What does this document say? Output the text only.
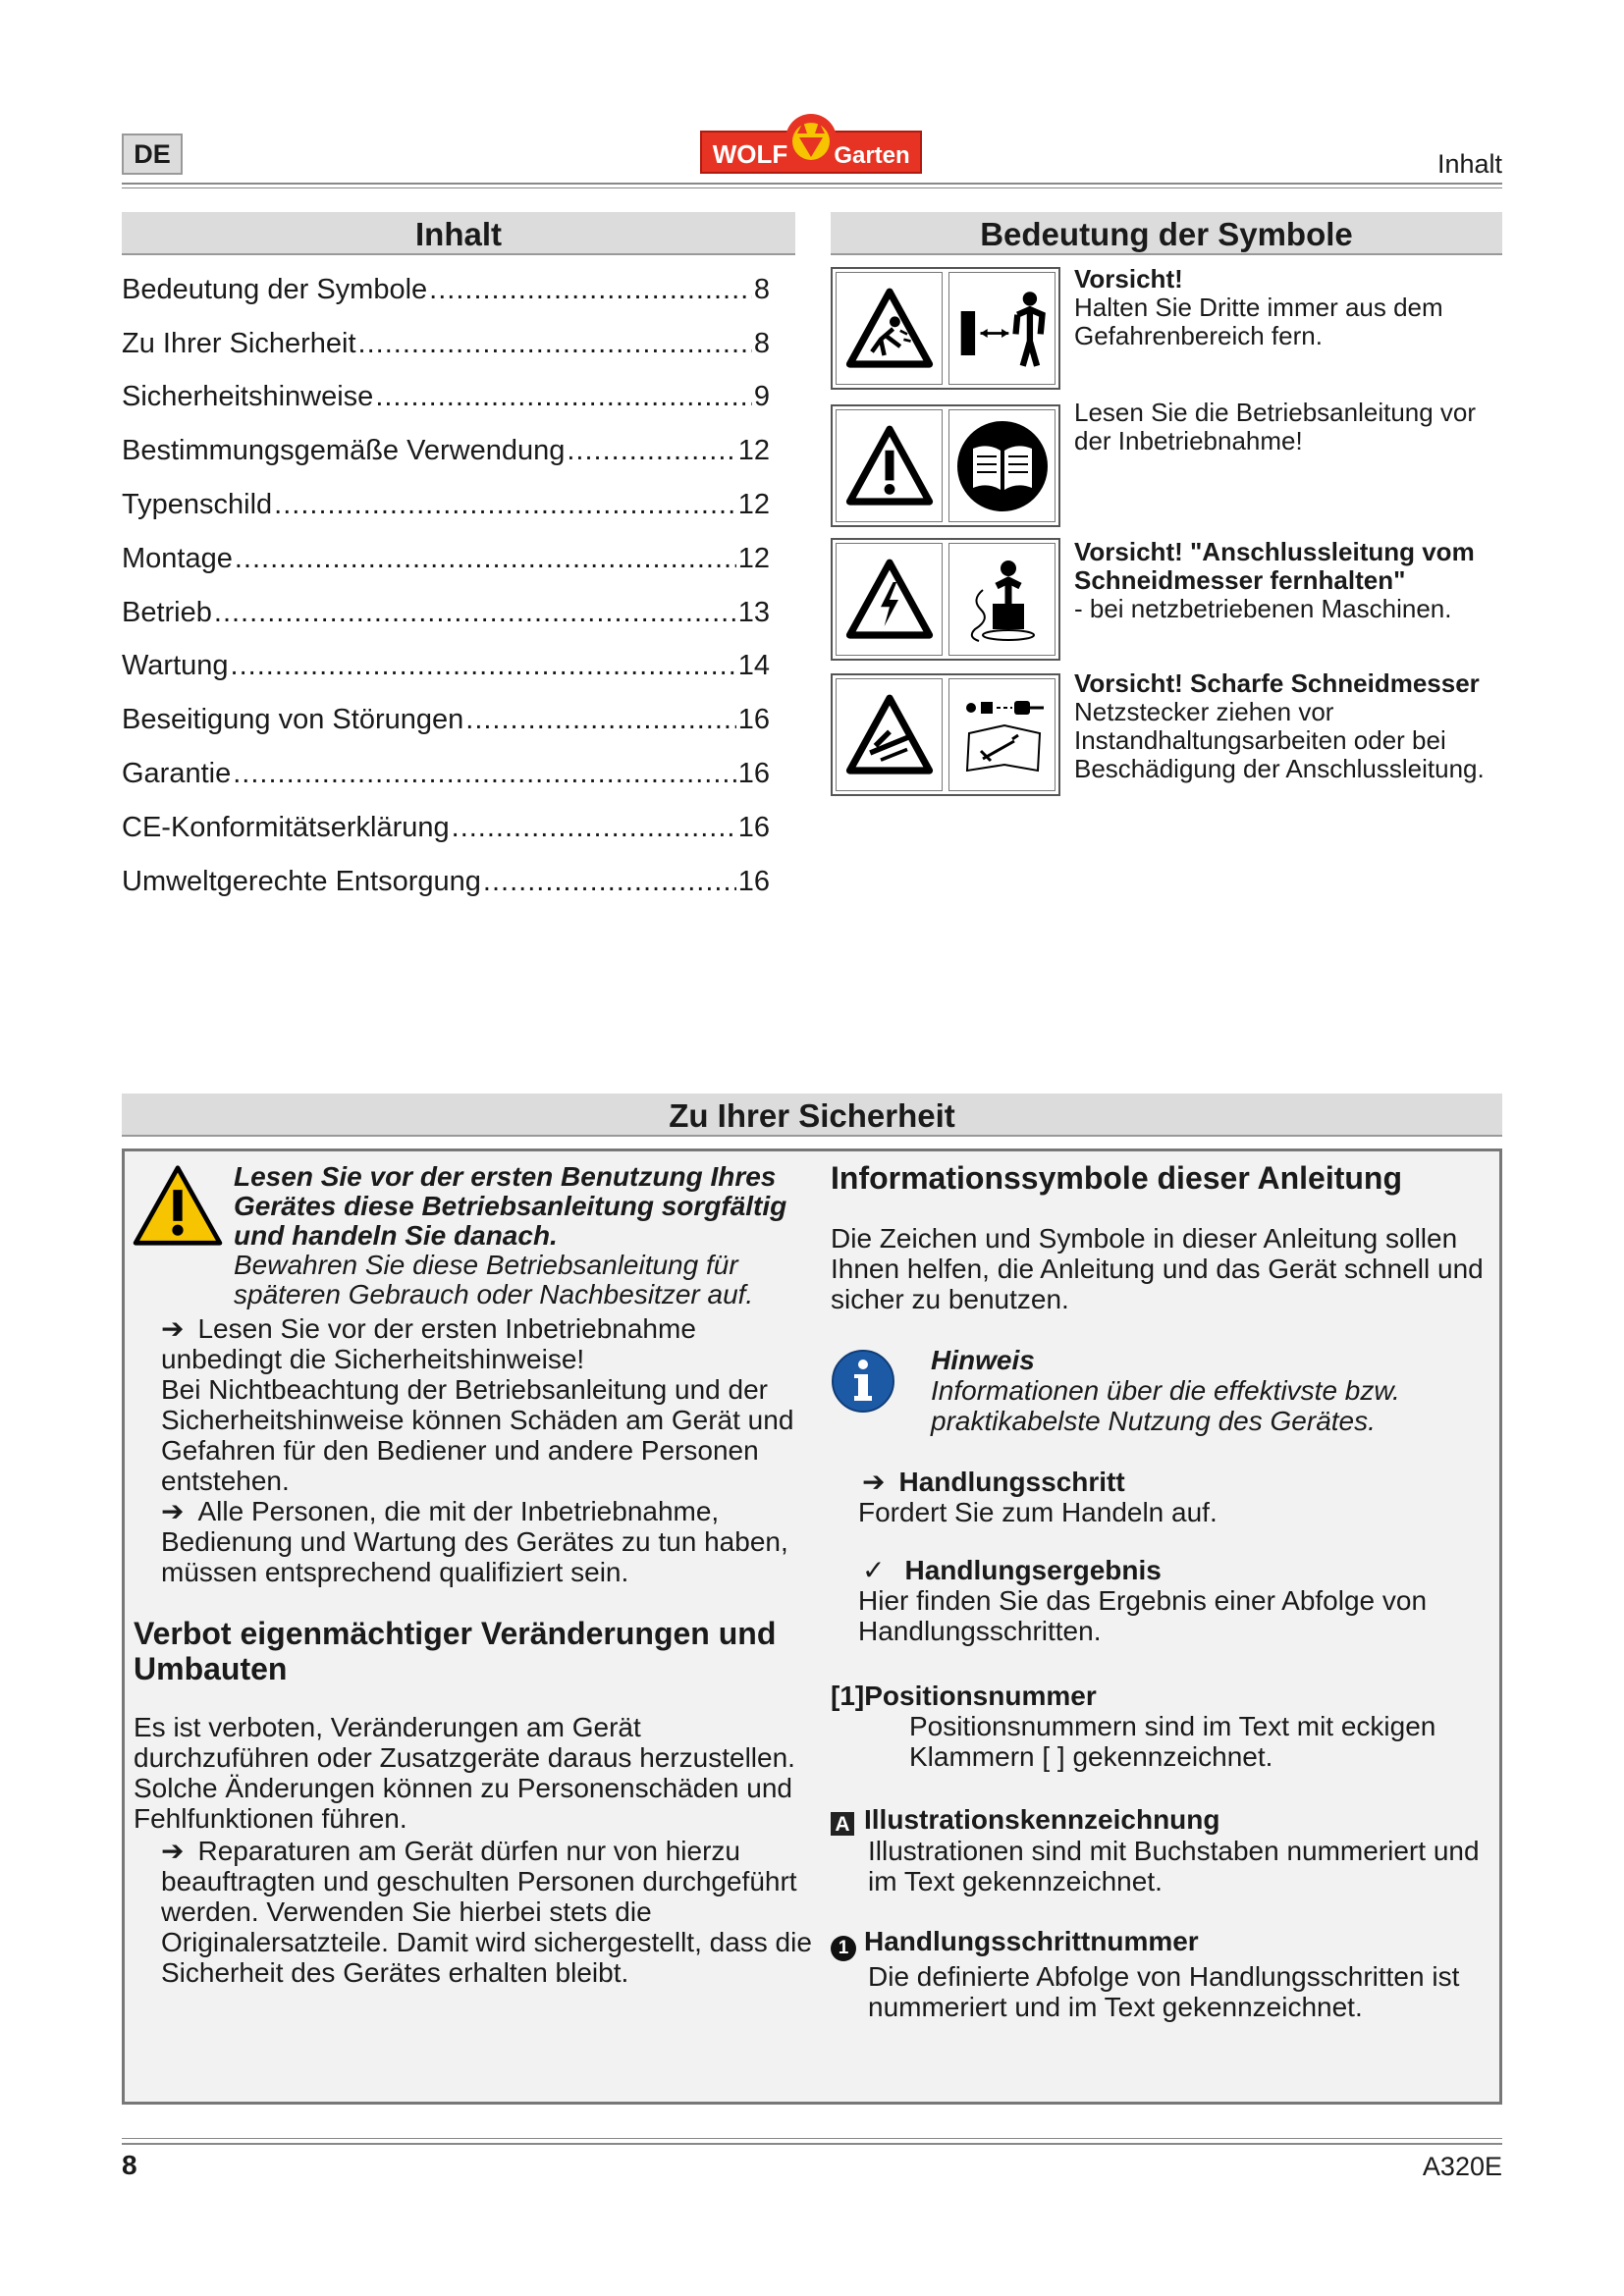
DE	WOLF Garten	Inhalt
Inhalt
Bedeutung der Symbole .....	8
Zu Ihrer Sicherheit .....	8
Sicherheitshinweise .....	9
Bestimmungsgemäße Verwendung .....	12
Typenschild .....	12
Montage .....	12
Betrieb .....	13
Wartung .....	14
Beseitigung von Störungen .....	16
Garantie .....	16
CE-Konformitätserklärung .....	16
Umweltgerechte Entsorgung .....	16
Bedeutung der Symbole
Vorsicht!
Halten Sie Dritte immer aus dem Gefahrenbereich fern.
Lesen Sie die Betriebsanleitung vor der Inbetriebnahme!
Vorsicht! "Anschlussleitung vom Schneidmesser fernhalten"
- bei netzbetriebenen Maschinen.
Vorsicht! Scharfe Schneidmesser
Netzstecker ziehen vor Instandhaltungsarbeiten oder bei Beschädigung der Anschlussleitung.
Zu Ihrer Sicherheit
Lesen Sie vor der ersten Benutzung Ihres Gerätes diese Betriebsanleitung sorgfältig und handeln Sie danach.
Bewahren Sie diese Betriebsanleitung für späteren Gebrauch oder Nachbesitzer auf.
➔ Lesen Sie vor der ersten Inbetriebnahme unbedingt die Sicherheitshinweise!
Bei Nichtbeachtung der Betriebsanleitung und der Sicherheitshinweise können Schäden am Gerät und Gefahren für den Bediener und andere Personen entstehen.
➔ Alle Personen, die mit der Inbetriebnahme, Bedienung und Wartung des Gerätes zu tun haben, müssen entsprechend qualifiziert sein.
Verbot eigenmächtiger Veränderungen und Umbauten
Es ist verboten, Veränderungen am Gerät durchzuführen oder Zusatzgeräte daraus herzustellen. Solche Änderungen können zu Personenschäden und Fehlfunktionen führen.
➔ Reparaturen am Gerät dürfen nur von hierzu beauftragten und geschulten Personen durchgeführt werden. Verwenden Sie hierbei stets die Originalersatzteile. Damit wird sichergestellt, dass die Sicherheit des Gerätes erhalten bleibt.
Informationssymbole dieser Anleitung
Die Zeichen und Symbole in dieser Anleitung sollen Ihnen helfen, die Anleitung und das Gerät schnell und sicher zu benutzen.
Hinweis
Informationen über die effektivste bzw. praktikabelste Nutzung des Gerätes.
➔ Handlungsschritt
Fordert Sie zum Handeln auf.
✓ Handlungsergebnis
Hier finden Sie das Ergebnis einer Abfolge von Handlungsschritten.
[1]Positionsnummer
Positionsnummern sind im Text mit eckigen Klammern [ ] gekennzeichnet.
A Illustrationskennzeichnung
Illustrationen sind mit Buchstaben nummeriert und im Text gekennzeichnet.
1 Handlungsschrittnummer
Die definierte Abfolge von Handlungsschritten ist nummeriert und im Text gekennzeichnet.
8	A320E
